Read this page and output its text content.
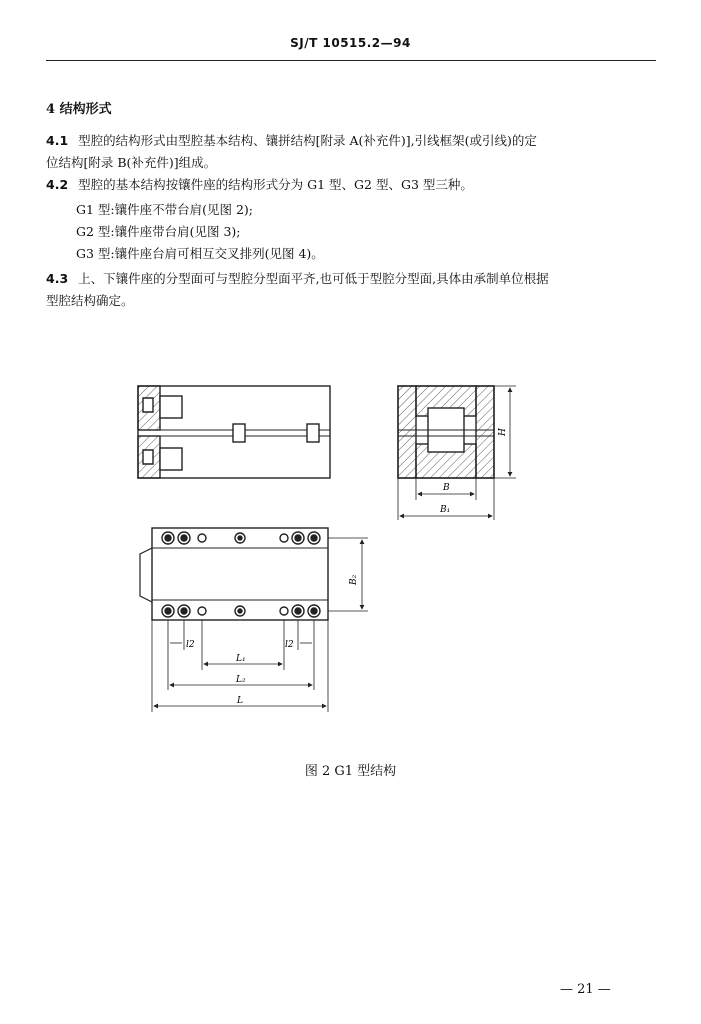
SJ/T 10515.2—94
4 结构形式
4.1 型腔的结构形式由型腔基本结构、镶拼结构[附录 A(补充件)],引线框架(或引线)的定
位结构[附录 B(补充件)]组成。
4.2 型腔的基本结构按镶件座的结构形式分为 G1 型、G2 型、G3 型三种。
G1 型:镶件座不带台肩(见图 2);
G2 型:镶件座带台肩(见图 3);
G3 型:镶件座台肩可相互交叉排列(见图 4)。
4.3 上、下镶件座的分型面可与型腔分型面平齐,也可低于型腔分型面,具体由承制单位根据
型腔结构确定。
H
B
B₁
B₂
l2	l2
L₁
L₂
L
图 2 G1 型结构
— 21 —
